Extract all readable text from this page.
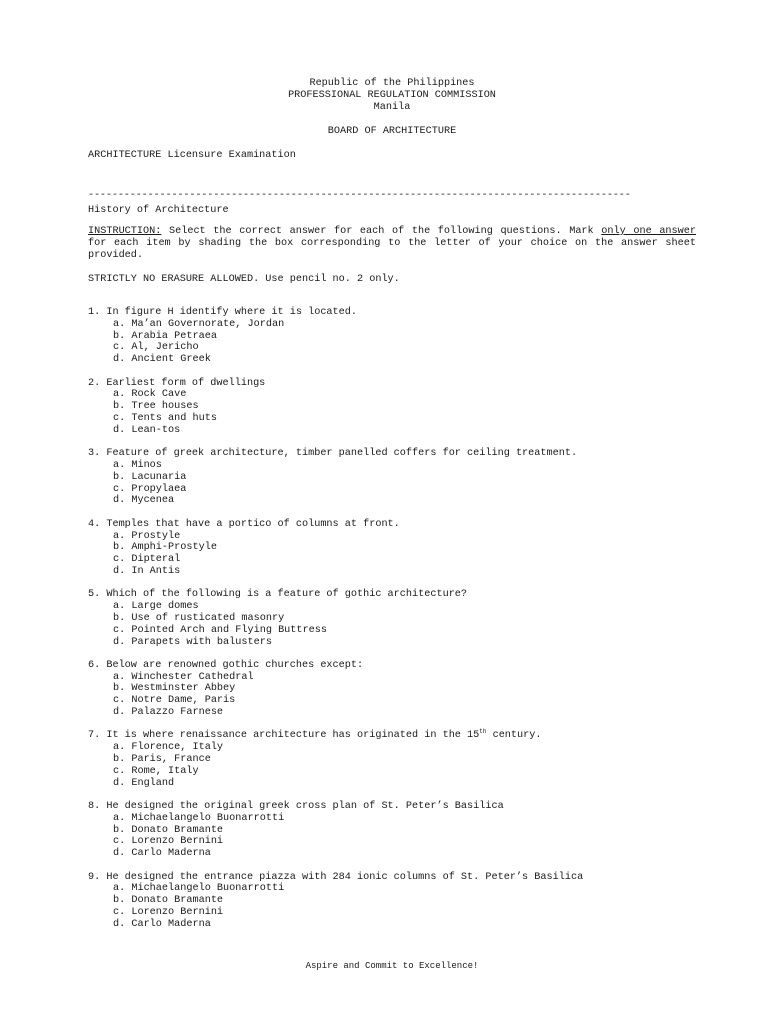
Republic of the Philippines
PROFESSIONAL REGULATION COMMISSION
Manila
BOARD OF ARCHITECTURE
ARCHITECTURE Licensure Examination
-------------------------------------------------------------------------------------------
History of Architecture
INSTRUCTION: Select the correct answer for each of the following questions. Mark only one answer for each item by shading the box corresponding to the letter of your choice on the answer sheet provided.
STRICTLY NO ERASURE ALLOWED. Use pencil no. 2 only.
1. In figure H identify where it is located.
a. Ma’an Governorate, Jordan
b. Arabia Petraea
c. Al, Jericho
d. Ancient Greek
2. Earliest form of dwellings
a. Rock Cave
b. Tree houses
c. Tents and huts
d. Lean-tos
3. Feature of greek architecture, timber panelled coffers for ceiling treatment.
a. Minos
b. Lacunaria
c. Propylaea
d. Mycenea
4. Temples that have a portico of columns at front.
a. Prostyle
b. Amphi-Prostyle
c. Dipteral
d. In Antis
5. Which of the following is a feature of gothic architecture?
a. Large domes
b. Use of rusticated masonry
c. Pointed Arch and Flying Buttress
d. Parapets with balusters
6. Below are renowned gothic churches except:
a. Winchester Cathedral
b. Westminster Abbey
c. Notre Dame, Paris
d. Palazzo Farnese
7. It is where renaissance architecture has originated in the 15th century.
a. Florence, Italy
b. Paris, France
c. Rome, Italy
d. England
8. He designed the original greek cross plan of St. Peter’s Basilica
a. Michaelangelo Buonarrotti
b. Donato Bramante
c. Lorenzo Bernini
d. Carlo Maderna
9. He designed the entrance piazza with 284 ionic columns of St. Peter’s Basilica
a. Michaelangelo Buonarrotti
b. Donato Bramante
c. Lorenzo Bernini
d. Carlo Maderna
Aspire and Commit to Excellence!
